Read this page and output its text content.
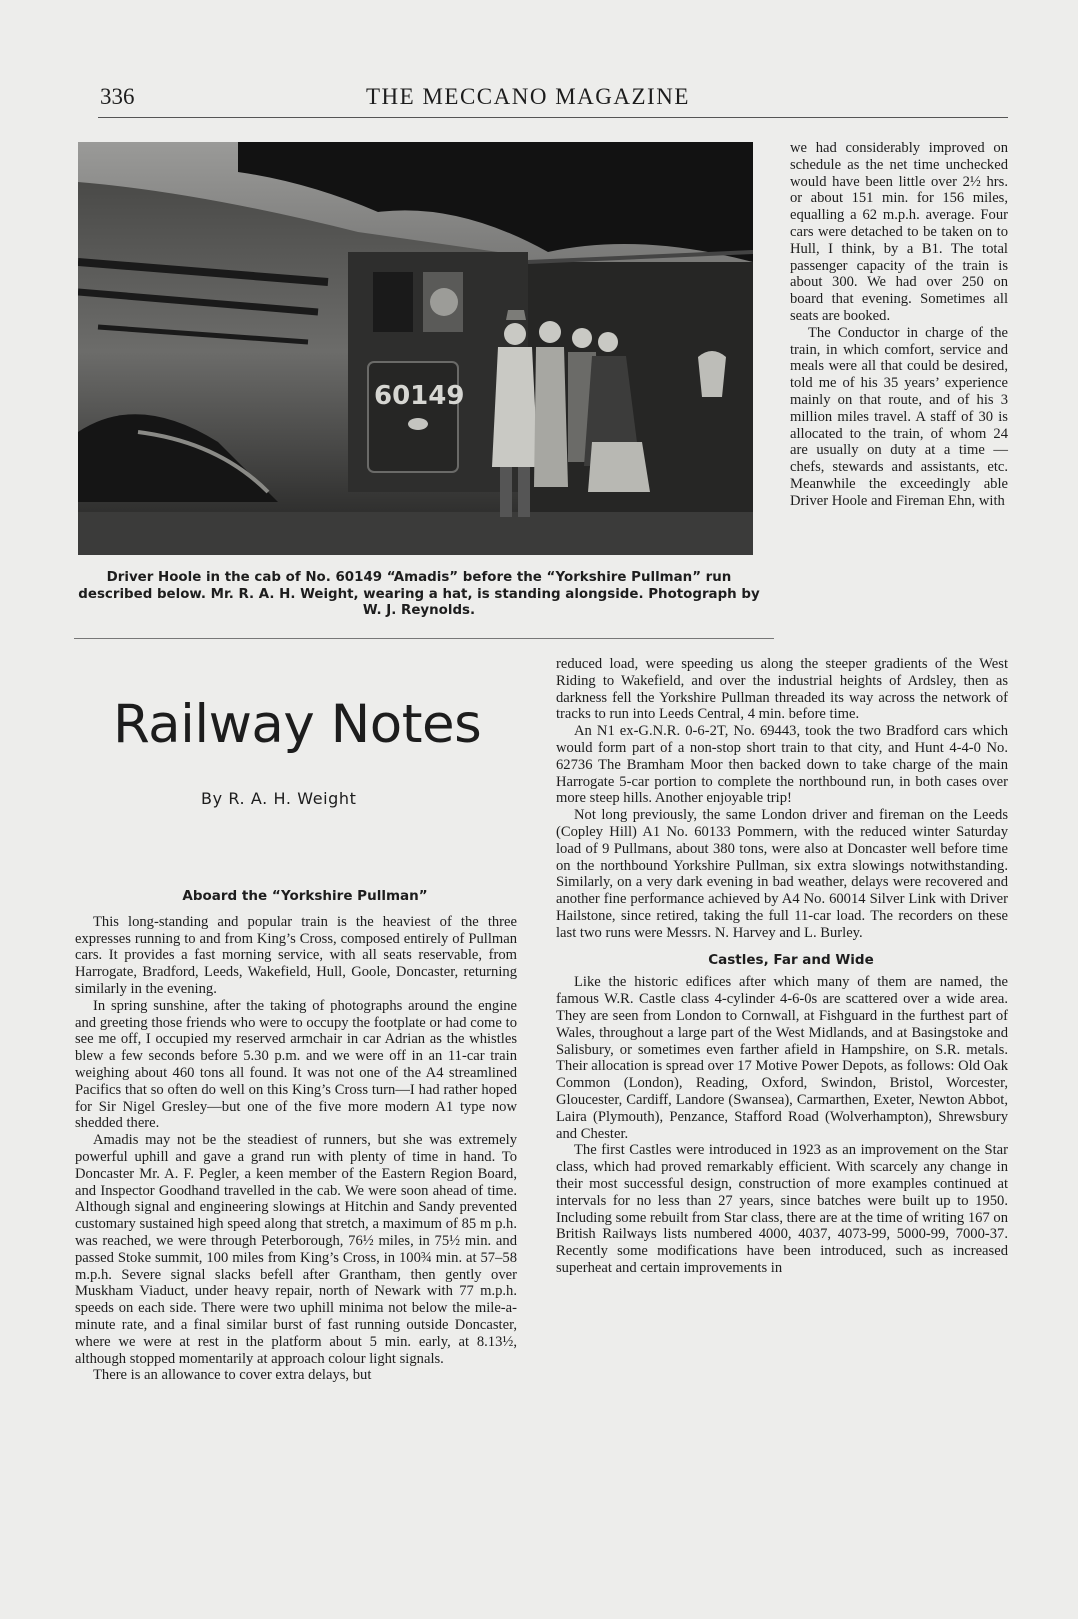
336	THE MECCANO MAGAZINE
60149
Driver Hoole in the cab of No. 60149 “Amadis” before the “Yorkshire Pullman” run described below. Mr. R. A. H. Weight, wearing a hat, is standing alongside. Photograph by W. J. Reynolds.
Railway Notes
By R. A. H. Weight

Aboard the “Yorkshire Pullman”

This long-standing and popular train is the heaviest of the three expresses running to and from King’s Cross, composed entirely of Pullman cars. It provides a fast morning service, with all seats reservable, from Harrogate, Bradford, Leeds, Wakefield, Hull, Goole, Doncaster, returning similarly in the evening.

In spring sunshine, after the taking of photographs around the engine and greeting those friends who were to occupy the footplate or had come to see me off, I occupied my reserved armchair in car Adrian as the whistles blew a few seconds before 5.30 p.m. and we were off in an 11-car train weighing about 460 tons all found. It was not one of the A4 streamlined Pacifics that so often do well on this King’s Cross turn—I had rather hoped for Sir Nigel Gresley—but one of the five more modern A1 type now shedded there.

Amadis may not be the steadiest of runners, but she was extremely powerful uphill and gave a grand run with plenty of time in hand. To Doncaster Mr. A. F. Pegler, a keen member of the Eastern Region Board, and Inspector Goodhand travelled in the cab. We were soon ahead of time. Although signal and engineering slowings at Hitchin and Sandy prevented customary sustained high speed along that stretch, a maximum of 85 m p.h. was reached, we were through Peterborough, 76½ miles, in 75½ min. and passed Stoke summit, 100 miles from King’s Cross, in 100¾ min. at 57–58 m.p.h. Severe signal slacks befell after Grantham, then gently over Muskham Viaduct, under heavy repair, north of Newark with 77 m.p.h. speeds on each side. There were two uphill minima not below the mile-a-minute rate, and a final similar burst of fast running outside Doncaster, where we were at rest in the platform about 5 min. early, at 8.13½, although stopped momentarily at approach colour light signals.

There is an allowance to cover extra delays, but

we had considerably improved on schedule as the net time unchecked would have been little over 2½ hrs. or about 151 min. for 156 miles, equalling a 62 m.p.h. average. Four cars were detached to be taken on to Hull, I think, by a B1. The total passenger capacity of the train is about 300. We had over 250 on board that evening. Sometimes all seats are booked.

The Conductor in charge of the train, in which comfort, service and meals were all that could be desired, told me of his 35 years’ experience mainly on that route, and of his 3 million miles travel. A staff of 30 is allocated to the train, of whom 24 are usually on duty at a time — chefs, stewards and assistants, etc. Meanwhile the exceedingly able Driver Hoole and Fireman Ehn, with

reduced load, were speeding us along the steeper gradients of the West Riding to Wakefield, and over the industrial heights of Ardsley, then as darkness fell the Yorkshire Pullman threaded its way across the network of tracks to run into Leeds Central, 4 min. before time.

An N1 ex-G.N.R. 0-6-2T, No. 69443, took the two Bradford cars which would form part of a non-stop short train to that city, and Hunt 4-4-0 No. 62736 The Bramham Moor then backed down to take charge of the main Harrogate 5-car portion to complete the northbound run, in both cases over more steep hills. Another enjoyable trip!

Not long previously, the same London driver and fireman on the Leeds (Copley Hill) A1 No. 60133 Pommern, with the reduced winter Saturday load of 9 Pullmans, about 380 tons, were also at Doncaster well before time on the northbound Yorkshire Pullman, six extra slowings notwithstanding. Similarly, on a very dark evening in bad weather, delays were recovered and another fine performance achieved by A4 No. 60014 Silver Link with Driver Hailstone, since retired, taking the full 11-car load. The recorders on these last two runs were Messrs. N. Harvey and L. Burley.

Castles, Far and Wide

Like the historic edifices after which many of them are named, the famous W.R. Castle class 4-cylinder 4-6-0s are scattered over a wide area. They are seen from London to Cornwall, at Fishguard in the furthest part of Wales, throughout a large part of the West Midlands, and at Basingstoke and Salisbury, or sometimes even farther afield in Hampshire, on S.R. metals. Their allocation is spread over 17 Motive Power Depots, as follows: Old Oak Common (London), Reading, Oxford, Swindon, Bristol, Worcester, Gloucester, Cardiff, Landore (Swansea), Carmarthen, Exeter, Newton Abbot, Laira (Plymouth), Penzance, Stafford Road (Wolverhampton), Shrewsbury and Chester.

The first Castles were introduced in 1923 as an improvement on the Star class, which had proved remarkably efficient. With scarcely any change in their most successful design, construction of more examples continued at intervals for no less than 27 years, since batches were built up to 1950. Including some rebuilt from Star class, there are at the time of writing 167 on British Railways lists numbered 4000, 4037, 4073-99, 5000-99, 7000-37. Recently some modifications have been introduced, such as increased superheat and certain improvements in
